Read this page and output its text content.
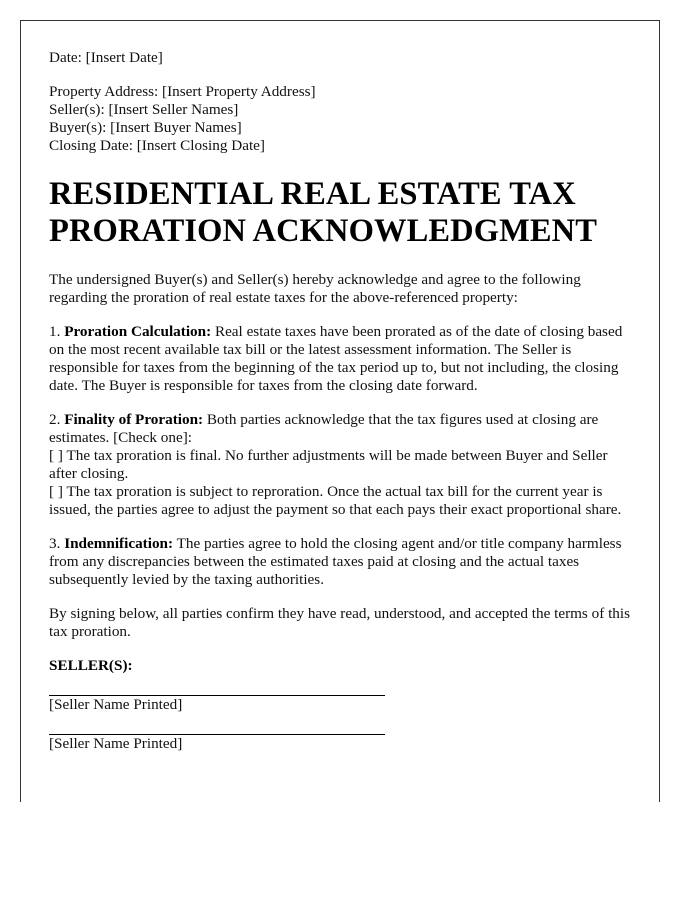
Date: [Insert Date]

Property Address: [Insert Property Address]

Seller(s): [Insert Seller Names]

Buyer(s): [Insert Buyer Names]

Closing Date: [Insert Closing Date]

RESIDENTIAL REAL ESTATE TAX
PRORATION ACKNOWLEDGMENT

The undersigned Buyer(s) and Seller(s) hereby acknowledge and agree to the following regarding the proration of real estate taxes for the above-referenced property:

1. Proration Calculation: Real estate taxes have been prorated as of the date of closing based on the most recent available tax bill or the latest assessment information. The Seller is responsible for taxes from the beginning of the tax period up to, but not including, the closing date. The Buyer is responsible for taxes from the closing date forward.

2. Finality of Proration: Both parties acknowledge that the tax figures used at closing are estimates. [Check one]:

[ ] The tax proration is final. No further adjustments will be made between Buyer and Seller after closing.

[ ] The tax proration is subject to reproration. Once the actual tax bill for the current year is issued, the parties agree to adjust the payment so that each pays their exact proportional share.

3. Indemnification: The parties agree to hold the closing agent and/or title company harmless from any discrepancies between the estimated taxes paid at closing and the actual taxes subsequently levied by the taxing authorities.

By signing below, all parties confirm they have read, understood, and accepted the terms of this tax proration.

SELLER(S):

[Seller Name Printed]

[Seller Name Printed]
